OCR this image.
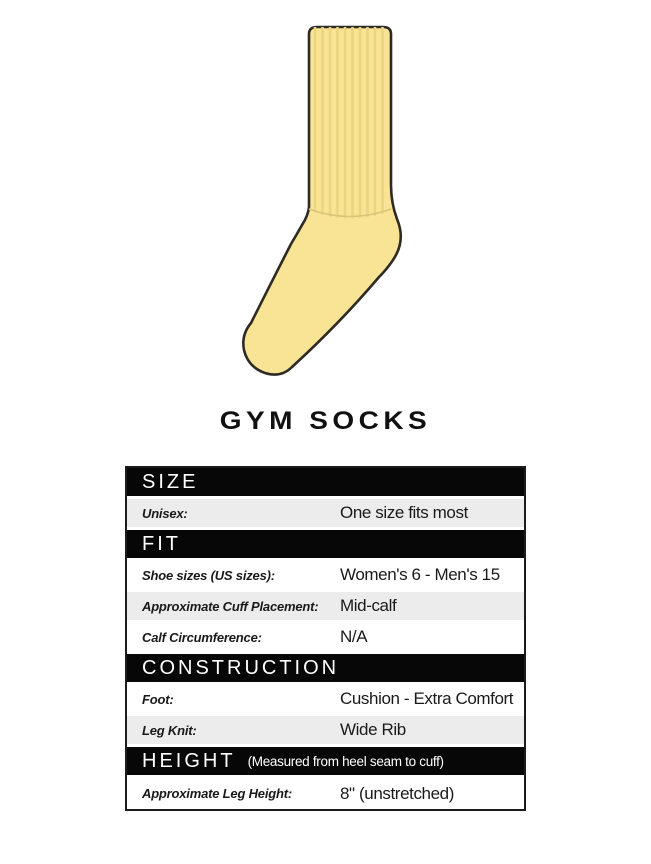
GYM SOCKS
SIZE
Unisex:	One size fits most
FIT
Shoe sizes (US sizes):	Women's 6 - Men's 15
Approximate Cuff Placement:	Mid-calf
Calf Circumference:	N/A
CONSTRUCTION
Foot:	Cushion - Extra Comfort
Leg Knit:	Wide Rib
HEIGHT (Measured from heel seam to cuff)
Approximate Leg Height:	8" (unstretched)
